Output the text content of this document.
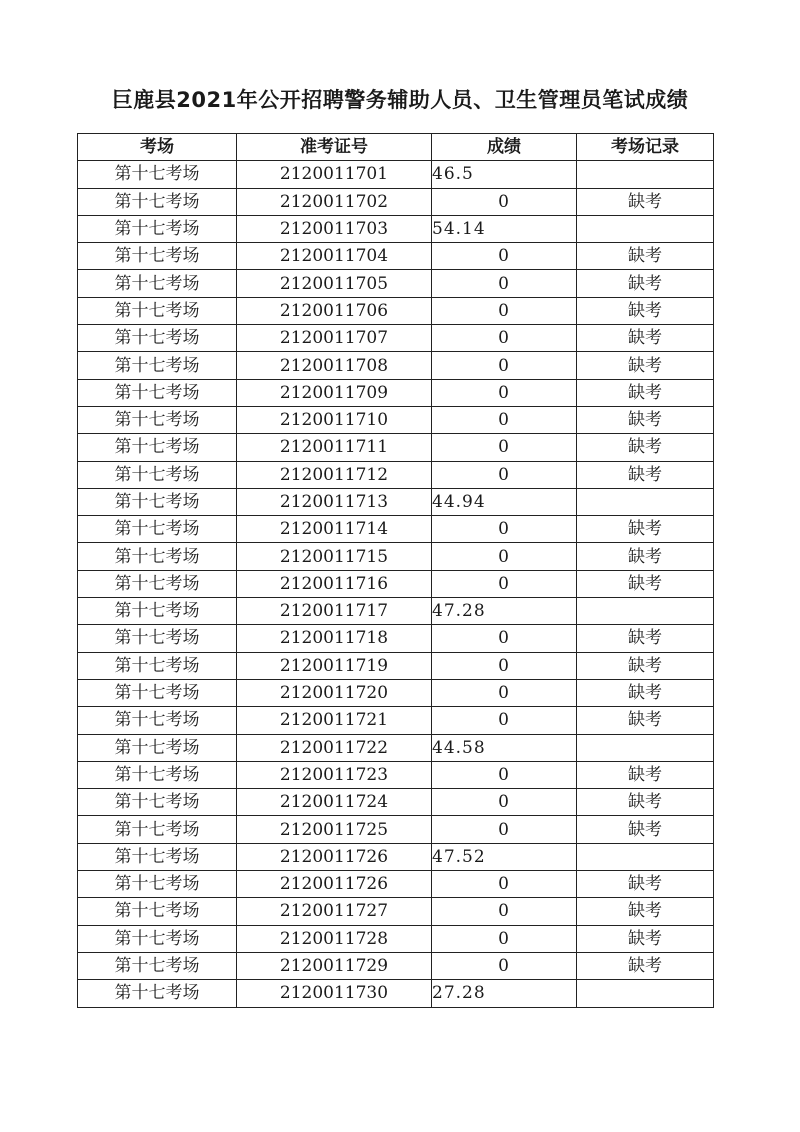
巨鹿县2021年公开招聘警务辅助人员、卫生管理员笔试成绩
考场	准考证号	成绩	考场记录
第十七考场	2120011701	46.5	
第十七考场	2120011702	0	缺考
第十七考场	2120011703	54.14	
第十七考场	2120011704	0	缺考
第十七考场	2120011705	0	缺考
第十七考场	2120011706	0	缺考
第十七考场	2120011707	0	缺考
第十七考场	2120011708	0	缺考
第十七考场	2120011709	0	缺考
第十七考场	2120011710	0	缺考
第十七考场	2120011711	0	缺考
第十七考场	2120011712	0	缺考
第十七考场	2120011713	44.94	
第十七考场	2120011714	0	缺考
第十七考场	2120011715	0	缺考
第十七考场	2120011716	0	缺考
第十七考场	2120011717	47.28	
第十七考场	2120011718	0	缺考
第十七考场	2120011719	0	缺考
第十七考场	2120011720	0	缺考
第十七考场	2120011721	0	缺考
第十七考场	2120011722	44.58	
第十七考场	2120011723	0	缺考
第十七考场	2120011724	0	缺考
第十七考场	2120011725	0	缺考
第十七考场	2120011726	47.52	
第十七考场	2120011726	0	缺考
第十七考场	2120011727	0	缺考
第十七考场	2120011728	0	缺考
第十七考场	2120011729	0	缺考
第十七考场	2120011730	27.28	
